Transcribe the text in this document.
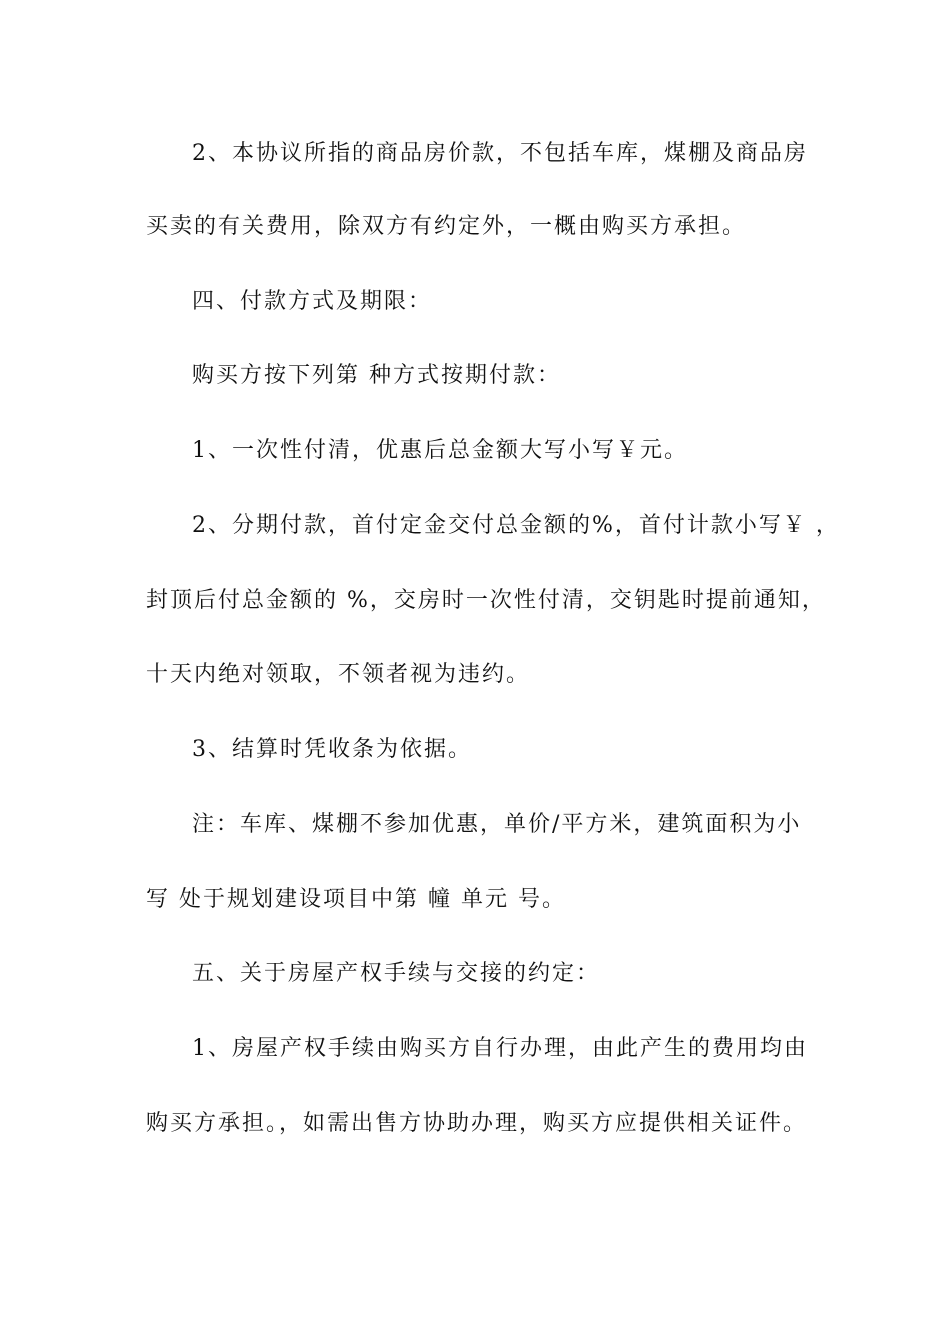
2、本协议所指的商品房价款，不包括车库，煤棚及商品房
买卖的有关费用，除双方有约定外，一概由购买方承担。
四、付款方式及期限：
购买方按下列第 种方式按期付款：
1、一次性付清，优惠后总金额大写小写￥元。
2、分期付款，首付定金交付总金额的%，首付计款小写￥ ，
封顶后付总金额的 %，交房时一次性付清，交钥匙时提前通知，
十天内绝对领取，不领者视为违约。
3、结算时凭收条为依据。
注：车库、煤棚不参加优惠，单价/平方米，建筑面积为小
写 处于规划建设项目中第 幢 单元 号。
五、关于房屋产权手续与交接的约定：
1、房屋产权手续由购买方自行办理，由此产生的费用均由
购买方承担。，如需出售方协助办理，购买方应提供相关证件。
